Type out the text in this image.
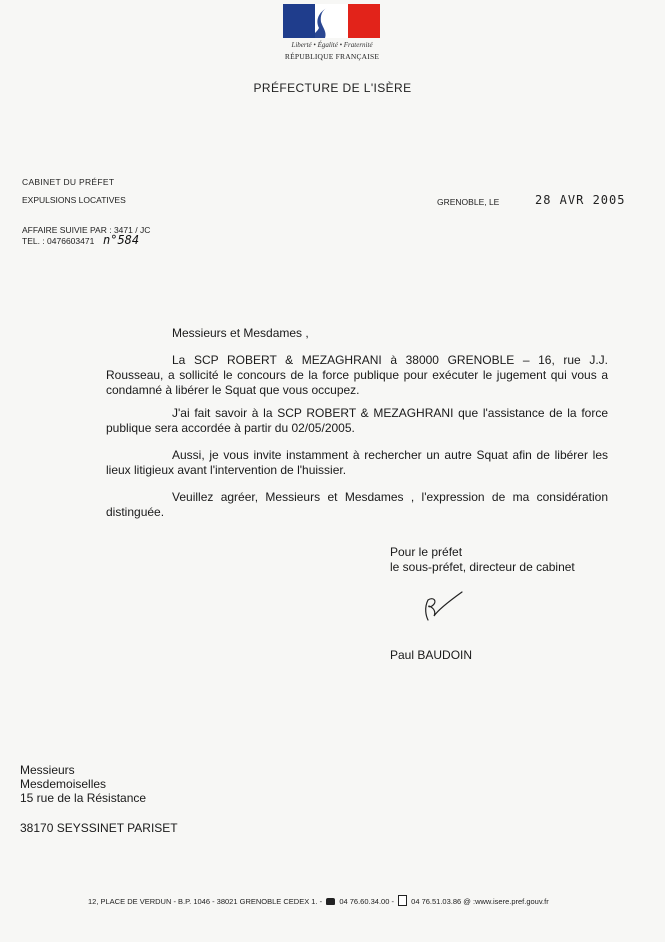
Liberté • Égalité • Fraternité
RÉPUBLIQUE FRANÇAISE
PRÉFECTURE DE L'ISÈRE
CABINET DU PRÉFET
EXPULSIONS LOCATIVES
AFFAIRE SUIVIE PAR : 3471 / JC
TEL. : 0476603471 n°584
GRENOBLE, LE	28 AVR 2005
Messieurs et Mesdames ,
La SCP ROBERT & MEZAGHRANI à 38000 GRENOBLE – 16, rue J.J. Rousseau, a sollicité le concours de la force publique pour exécuter le jugement qui vous a condamné à libérer le Squat que vous occupez.
J'ai fait savoir à la SCP ROBERT & MEZAGHRANI que l'assistance de la force publique sera accordée à partir du 02/05/2005.
Aussi, je vous invite instamment à rechercher un autre Squat afin de libérer les lieux litigieux avant l'intervention de l'huissier.
Veuillez agréer, Messieurs et Mesdames , l'expression de ma considération distinguée.
Pour le préfet
le sous-préfet, directeur de cabinet
Paul BAUDOIN
Messieurs
Mesdemoiselles
15 rue de la Résistance
38170 SEYSSINET PARISET
12, PLACE DE VERDUN - B.P. 1046 - 38021 GRENOBLE CEDEX 1. - 04 76.60.34.00 - 04 76.51.03.86 @ :www.isere.pref.gouv.fr
